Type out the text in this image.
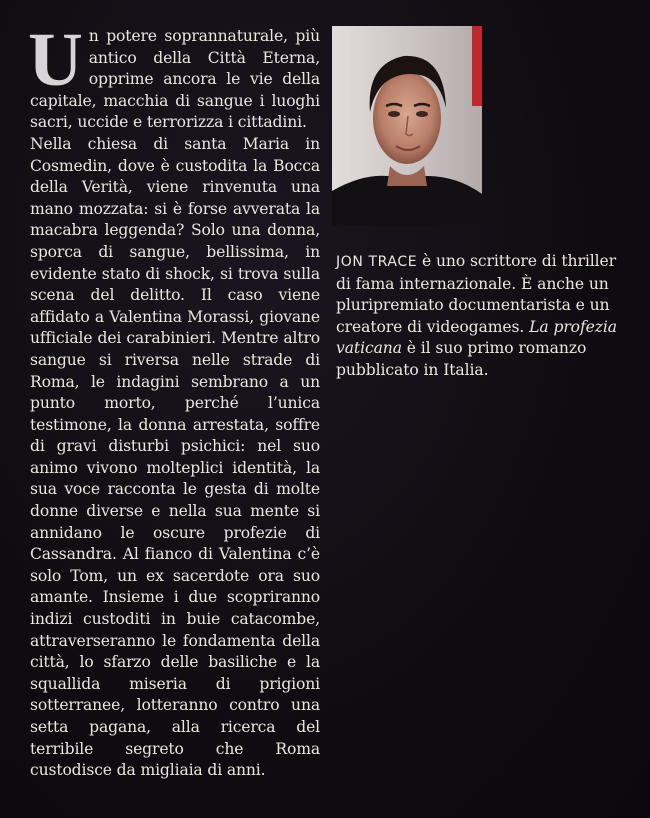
Un potere soprannaturale, più antico della Città Eterna, opprime ancora le vie della capitale, macchia di sangue i luoghi sacri, uccide e terrorizza i cittadini.

Nella chiesa di santa Maria in Cosmedin, dove è custodita la Bocca della Verità, viene rinvenuta una mano mozzata: si è forse avverata la macabra leggenda? Solo una donna, sporca di sangue, bellissima, in evidente stato di shock, si trova sulla scena del delitto. Il caso viene affidato a Valentina Morassi, giovane ufficiale dei carabinieri. Mentre altro sangue si riversa nelle strade di Roma, le indagini sembrano a un punto morto, perché l’unica testimone, la donna arrestata, soffre di gravi disturbi psichici: nel suo animo vivono molteplici identità, la sua voce racconta le gesta di molte donne diverse e nella sua mente si annidano le oscure profezie di Cassandra. Al fianco di Valentina c’è solo Tom, un ex sacerdote ora suo amante. Insieme i due scopriranno indizi custoditi in buie catacombe, attraverseranno le fondamenta della città, lo sfarzo delle basiliche e la squallida miseria di prigioni sotterranee, lotteranno contro una setta pagana, alla ricerca del terribile segreto che Roma custodisce da migliaia di anni.

JON TRACE è uno scrittore di thriller di fama internazionale. È anche un pluripremiato documentarista e un creatore di videogames. La profezia vaticana è il suo primo romanzo pubblicato in Italia.
